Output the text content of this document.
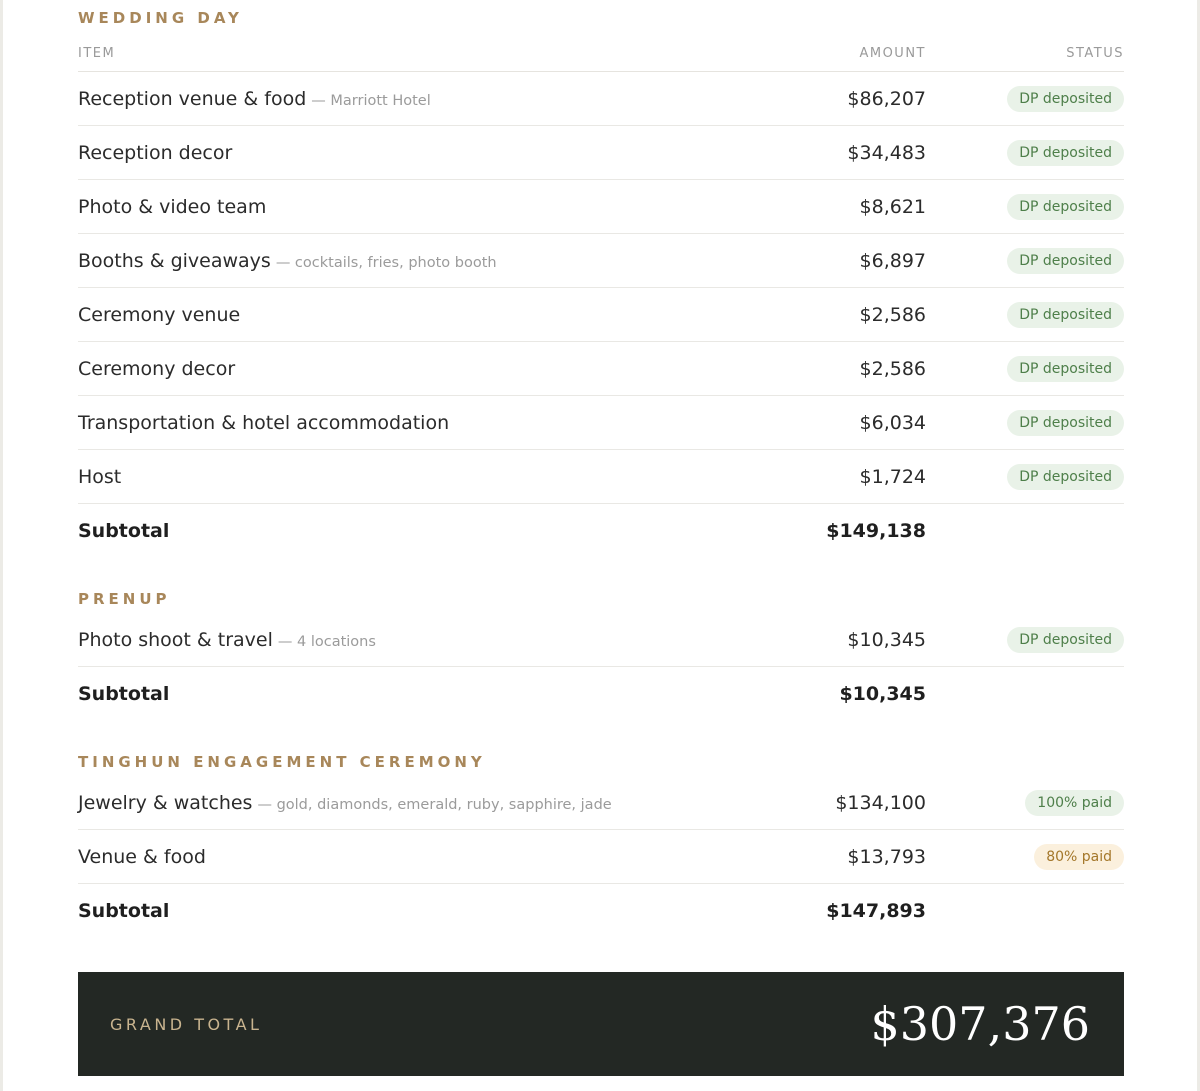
WEDDING DAY
ITEM	AMOUNT	STATUS
Reception venue & food — Marriott Hotel	$86,207	DP deposited
Reception decor	$34,483	DP deposited
Photo & video team	$8,621	DP deposited
Booths & giveaways — cocktails, fries, photo booth	$6,897	DP deposited
Ceremony venue	$2,586	DP deposited
Ceremony decor	$2,586	DP deposited
Transportation & hotel accommodation	$6,034	DP deposited
Host	$1,724	DP deposited
Subtotal	$149,138
PRENUP
Photo shoot & travel — 4 locations	$10,345	DP deposited
Subtotal	$10,345
TINGHUN ENGAGEMENT CEREMONY
Jewelry & watches — gold, diamonds, emerald, ruby, sapphire, jade	$134,100	100% paid
Venue & food	$13,793	80% paid
Subtotal	$147,893
GRAND TOTAL	$307,376
